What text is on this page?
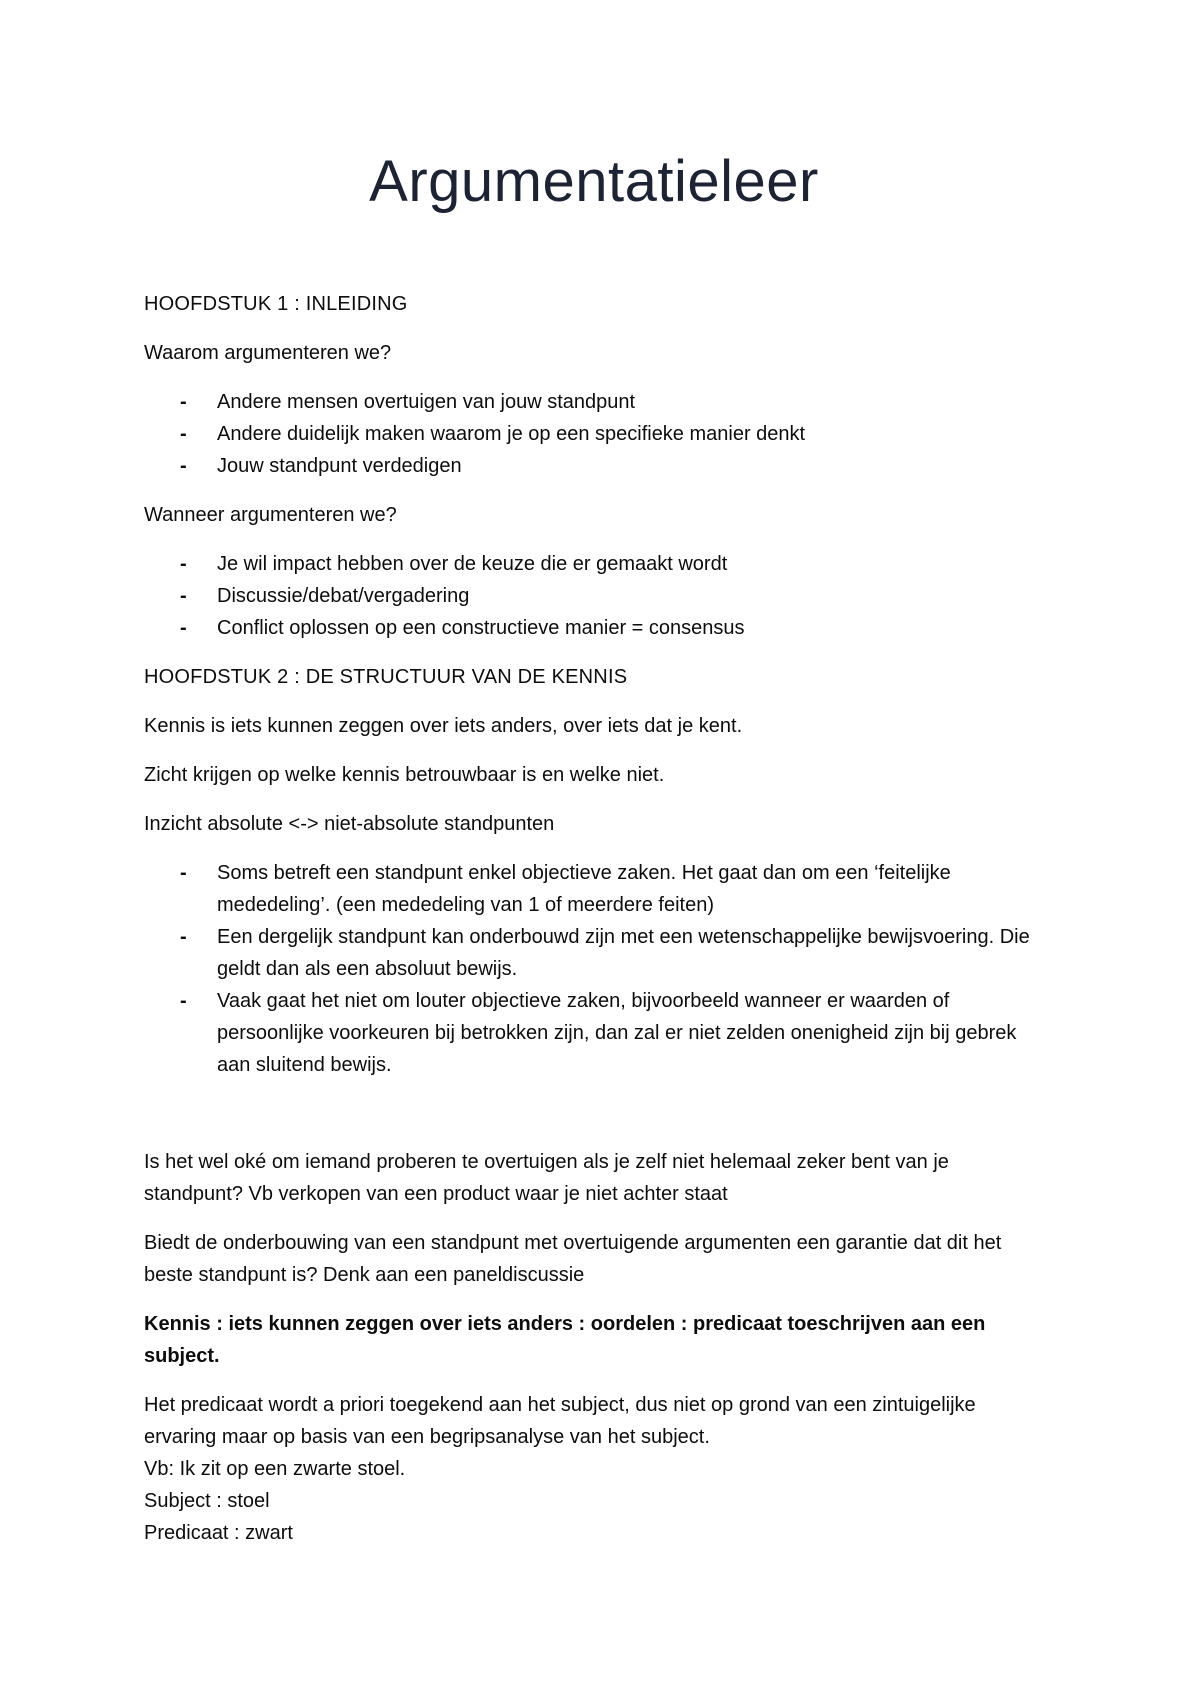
Argumentatieleer

HOOFDSTUK 1 : INLEIDING

Waarom argumenteren we?

-	Andere mensen overtuigen van jouw standpunt
-	Andere duidelijk maken waarom je op een specifieke manier denkt
-	Jouw standpunt verdedigen

Wanneer argumenteren we?

-	Je wil impact hebben over de keuze die er gemaakt wordt
-	Discussie/debat/vergadering
-	Conflict oplossen op een constructieve manier = consensus

HOOFDSTUK 2 : DE STRUCTUUR VAN DE KENNIS

Kennis is iets kunnen zeggen over iets anders, over iets dat je kent.

Zicht krijgen op welke kennis betrouwbaar is en welke niet.

Inzicht absolute <-> niet-absolute standpunten

-	Soms betreft een standpunt enkel objectieve zaken. Het gaat dan om een ‘feitelijke mededeling’. (een mededeling van 1 of meerdere feiten)
-	Een dergelijk standpunt kan onderbouwd zijn met een wetenschappelijke bewijsvoering. Die geldt dan als een absoluut bewijs.
-	Vaak gaat het niet om louter objectieve zaken, bijvoorbeeld wanneer er waarden of persoonlijke voorkeuren bij betrokken zijn, dan zal er niet zelden onenigheid zijn bij gebrek aan sluitend bewijs.

Is het wel oké om iemand proberen te overtuigen als je zelf niet helemaal zeker bent van je standpunt? Vb verkopen van een product waar je niet achter staat

Biedt de onderbouwing van een standpunt met overtuigende argumenten een garantie dat dit het beste standpunt is? Denk aan een paneldiscussie

Kennis : iets kunnen zeggen over iets anders : oordelen : predicaat toeschrijven aan een subject.

Het predicaat wordt a priori toegekend aan het subject, dus niet op grond van een zintuigelijke ervaring maar op basis van een begripsanalyse van het subject.
Vb: Ik zit op een zwarte stoel.
Subject : stoel
Predicaat : zwart
